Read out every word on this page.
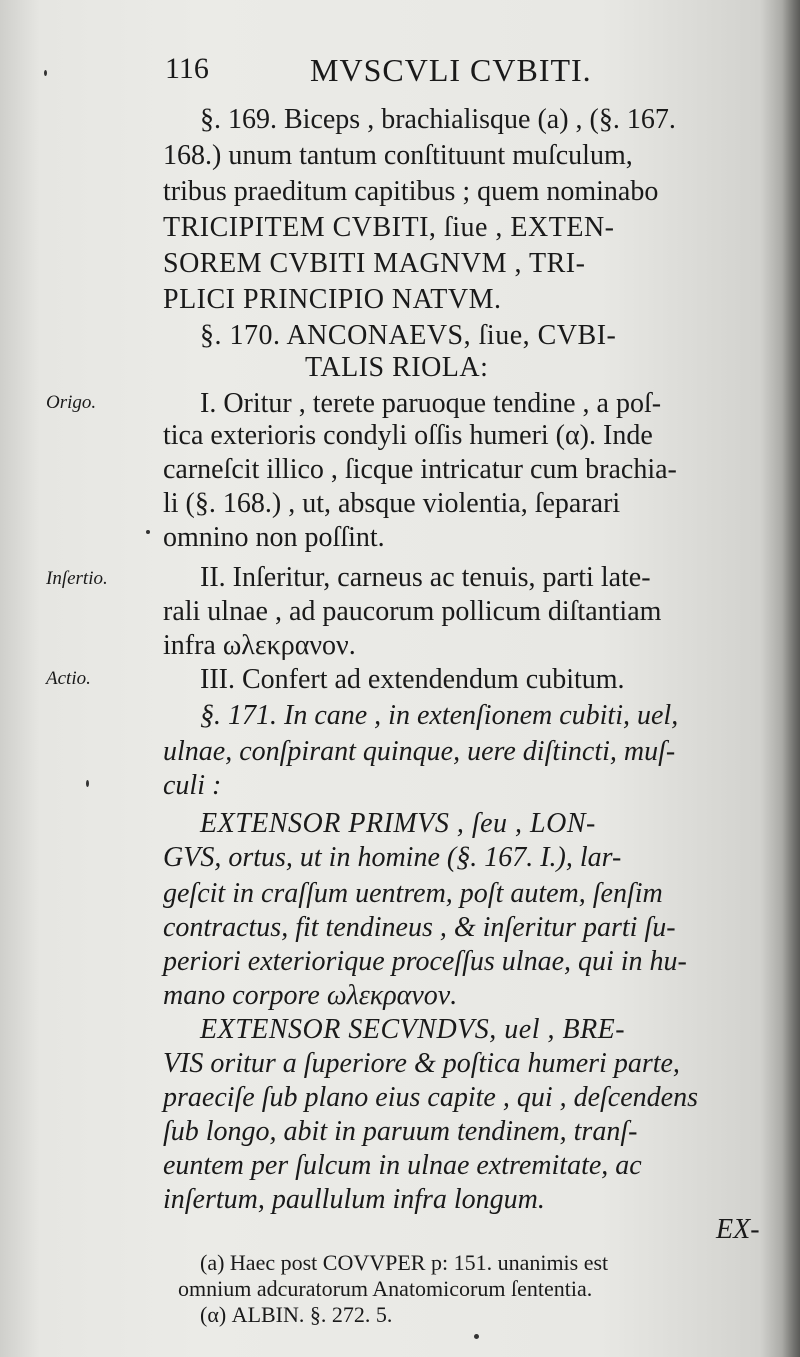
116	MVSCVLI CVBITI.
Origo.
Inſertio.
Actio.
§. 169. Biceps , brachialisque (a) , (§. 167.
168.) unum tantum conſtituunt muſculum,
tribus praeditum capitibus ; quem nominabo
TRICIPITEM CVBITI, ſiue , EXTEN-
SOREM CVBITI MAGNVM , TRI-
PLICI PRINCIPIO NATVM.
§. 170. ANCONAEVS, ſiue, CVBI-
TALIS RIOLA:
I. Oritur , terete paruoque tendine , a poſ-
tica exterioris condyli oſſis humeri (α). Inde
carneſcit illico , ſicque intricatur cum brachia-
li (§. 168.) , ut, absque violentia, ſeparari
omnino non poſſint.
II. Inſeritur, carneus ac tenuis, parti late-
rali ulnae , ad paucorum pollicum diſtantiam
infra ωλεκρανον.
III. Confert ad extendendum cubitum.
§. 171. In cane , in extenſionem cubiti, uel,
ulnae, conſpirant quinque, uere diſtincti, muſ-
culi :
EXTENSOR PRIMVS , ſeu , LON-
GVS, ortus, ut in homine (§. 167. I.), lar-
geſcit in craſſum uentrem, poſt autem, ſenſim
contractus, fit tendineus , & inſeritur parti ſu-
periori exteriorique proceſſus ulnae, qui in hu-
mano corpore ωλεκρανον.
EXTENSOR SECVNDVS, uel , BRE-
VIS oritur a ſuperiore & poſtica humeri parte,
praeciſe ſub plano eius capite , qui , deſcendens
ſub longo, abit in paruum tendinem, tranſ-
euntem per ſulcum in ulnae extremitate, ac
inſertum, paullulum infra longum.
EX-
(a) Haec post COVVPER p: 151. unanimis est
omnium adcuratorum Anatomicorum ſententia.
(α) ALBIN. §. 272. 5.
